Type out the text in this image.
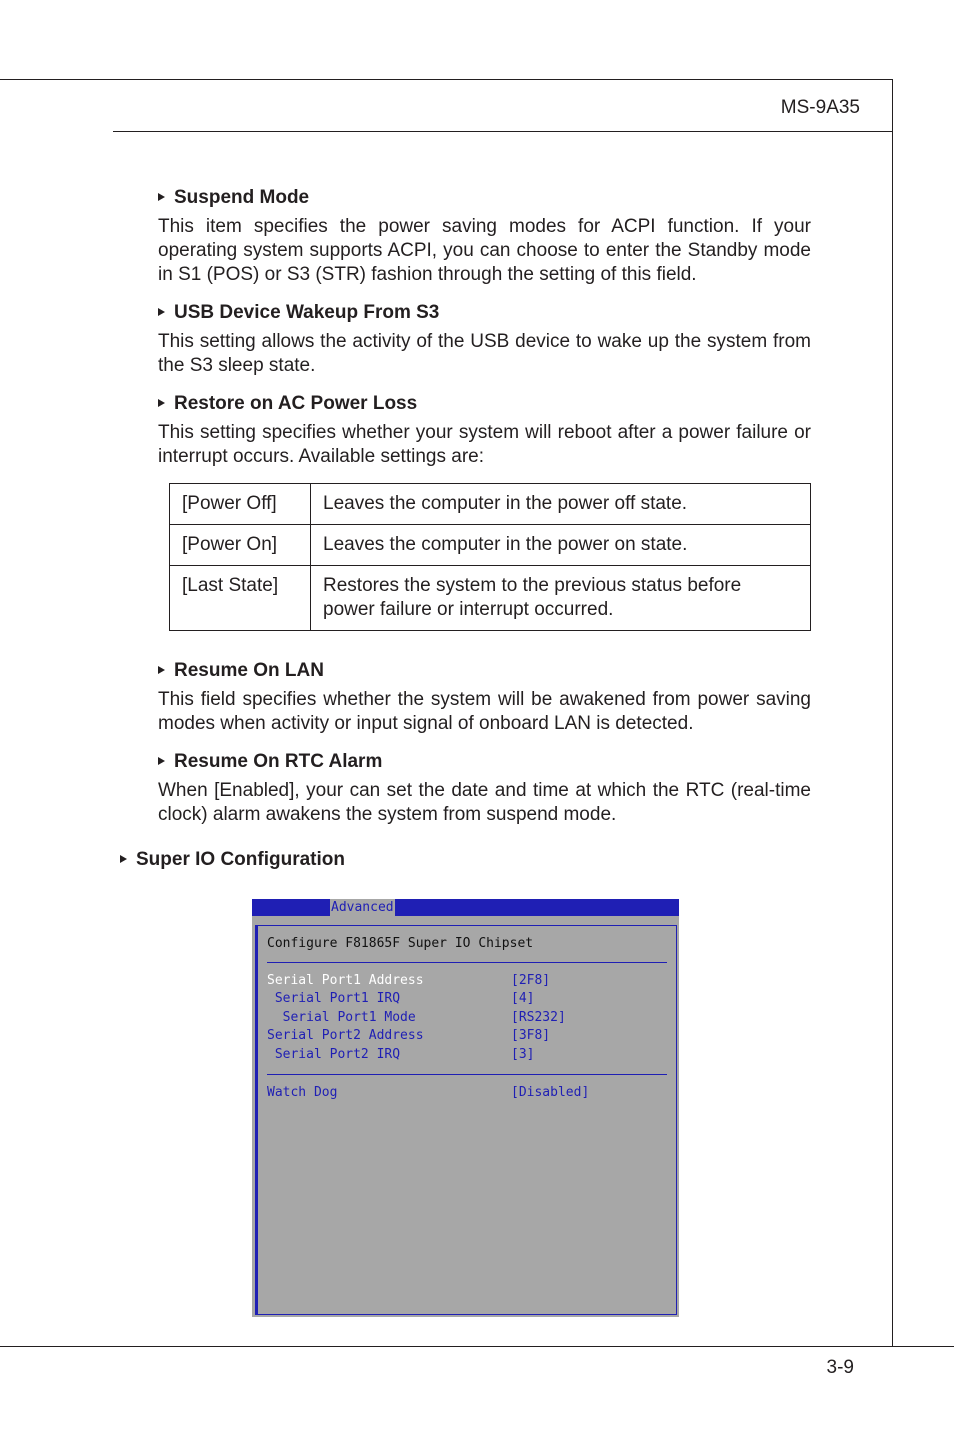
MS-9A35
Suspend Mode

This item specifies the power saving modes for ACPI function. If your operating system supports ACPI, you can choose to enter the Standby mode in S1 (POS) or S3 (STR) fashion through the setting of this field.

USB Device Wakeup From S3

This setting allows the activity of the USB device to wake up the system from the S3 sleep state.

Restore on AC Power Loss

This setting specifies whether your system will reboot after a power failure or interrupt occurs. Available settings are:

[Power Off]	Leaves the computer in the power off state.
[Power On]	Leaves the computer in the power on state.
[Last State]	Restores the system to the previous status before power failure or interrupt occurred.
Resume On LAN

This field specifies whether the system will be awakened from power saving modes when activity or input signal of onboard LAN is detected.

Resume On RTC Alarm

When [Enabled], your can set the date and time at which the RTC (real-time clock) alarm awakens the system from suspend mode.

Super IO Configuration
Advanced
Configure F81865F Super IO Chipset
Serial Port1 Address	[2F8]
Serial Port1 IRQ	[4]
Serial Port1 Mode	[RS232]
Serial Port2 Address	[3F8]
Serial Port2 IRQ	[3]
Watch Dog	[Disabled]
3-9
